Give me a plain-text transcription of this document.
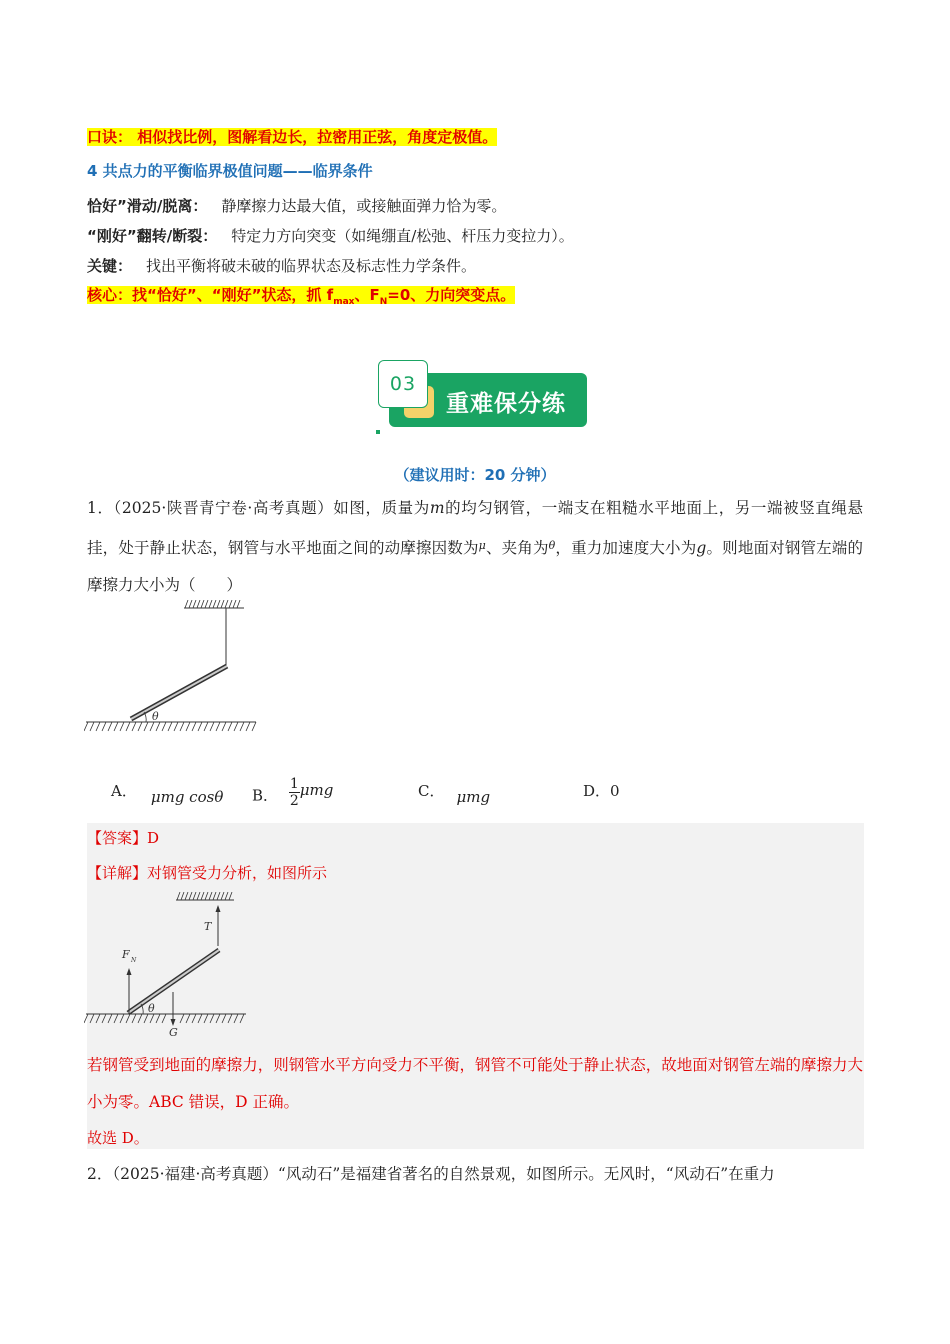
口诀： 相似找比例，图解看边长，拉密用正弦，角度定极值。
4 共点力的平衡临界极值问题——临界条件
恰好”滑动/脱离： 静摩擦力达最大值，或接触面弹力恰为零。
“刚好”翻转/断裂： 特定力方向突变（如绳绷直/松弛、杆压力变拉力）。
关键： 找出平衡将破未破的临界状态及标志性力学条件。
核心：找“恰好”、“刚好”状态，抓 $f_{max}$、$F_N=0$、力向突变点。
03
重难保分练
（建议用时：20 分钟）
1．（2025·陕晋青宁卷·高考真题）如图，质量为m的均匀钢管，一端支在粗糙水平地面上，另一端被竖直绳悬挂，处于静止状态，钢管与水平地面之间的动摩擦因数为$^\mu$、夹角为$^\theta$，重力加速度大小为g。则地面对钢管左端的摩擦力大小为（　　）
θ
A． μmg cosθ B． $\frac{1}{2}$ μmg	C． μmg	D．0
【答案】D
【详解】对钢管受力分析，如图所示
T
F N
G
θ
若钢管受到地面的摩擦力，则钢管水平方向受力不平衡，钢管不可能处于静止状态，故地面对钢管左端的摩擦力大小为零。ABC 错误，D 正确。
故选 D。
2．（2025·福建·高考真题）“风动石”是福建省著名的自然景观，如图所示。无风时，“风动石”在重力
